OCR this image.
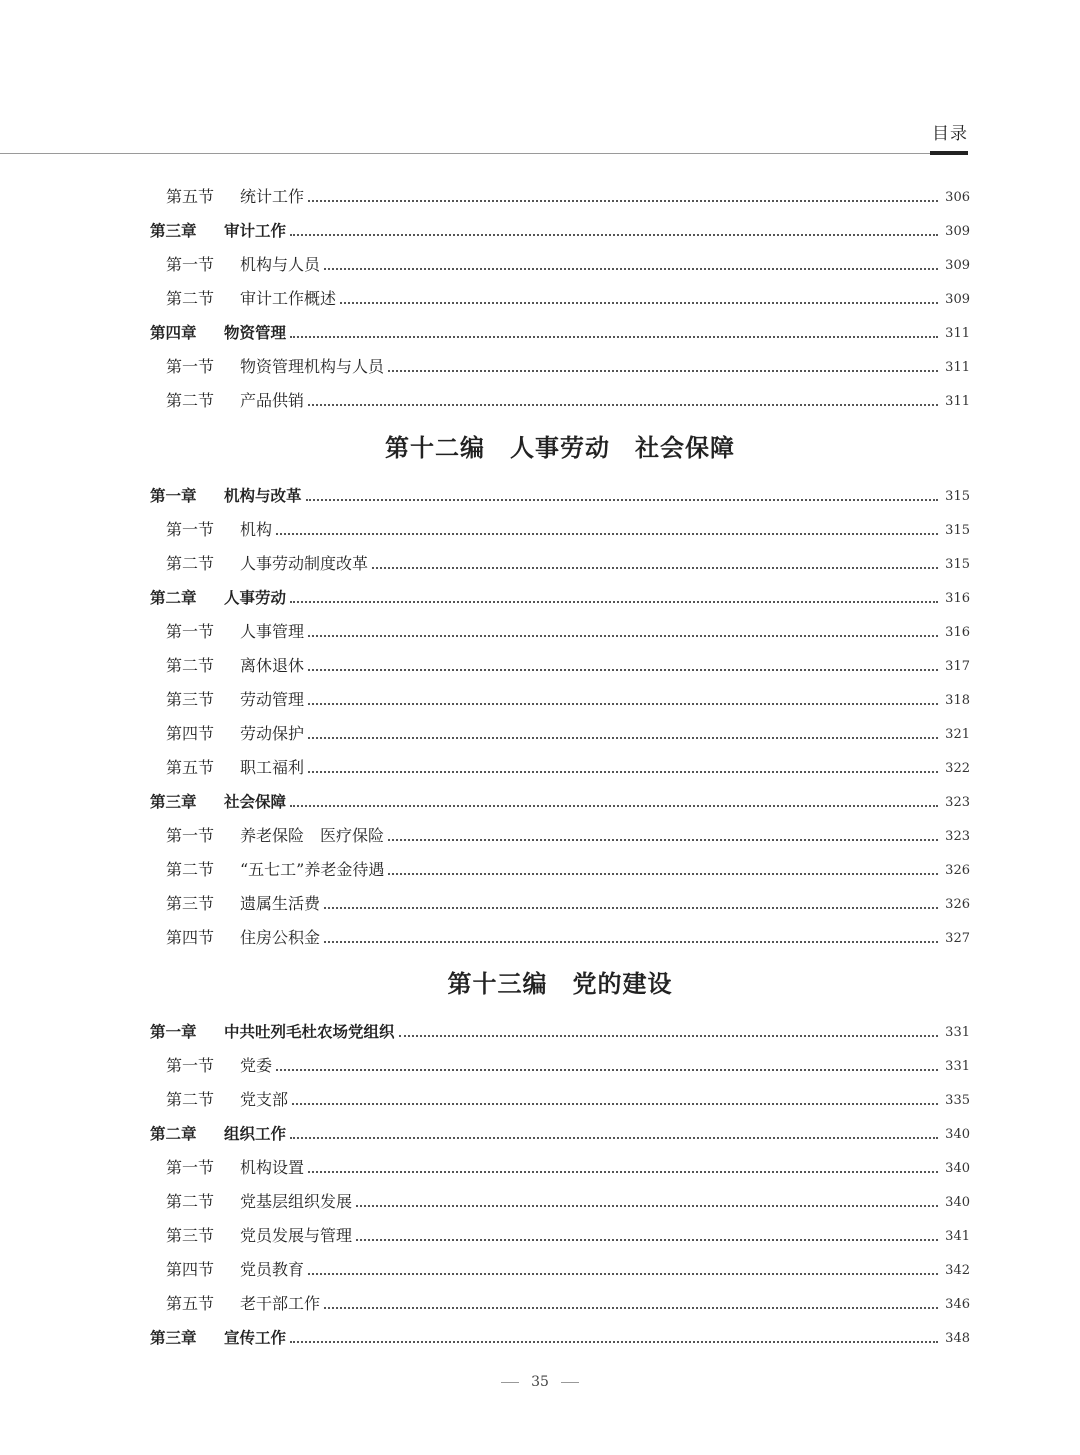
目录
第五节 统计工作	306
第三章 审计工作	309
第一节 机构与人员	309
第二节 审计工作概述	309
第四章 物资管理	311
第一节 物资管理机构与人员	311
第二节 产品供销	311
第十二编　人事劳动　社会保障
第一章 机构与改革	315
第一节 机构	315
第二节 人事劳动制度改革	315
第二章 人事劳动	316
第一节 人事管理	316
第二节 离休退休	317
第三节 劳动管理	318
第四节 劳动保护	321
第五节 职工福利	322
第三章 社会保障	323
第一节 养老保险　医疗保险	323
第二节 “五七工”养老金待遇	326
第三节 遗属生活费	326
第四节 住房公积金	327
第十三编　党的建设
第一章 中共吐列毛杜农场党组织	331
第一节 党委	331
第二节 党支部	335
第二章 组织工作	340
第一节 机构设置	340
第二节 党基层组织发展	340
第三节 党员发展与管理	341
第四节 党员教育	342
第五节 老干部工作	346
第三章 宣传工作	348
35
